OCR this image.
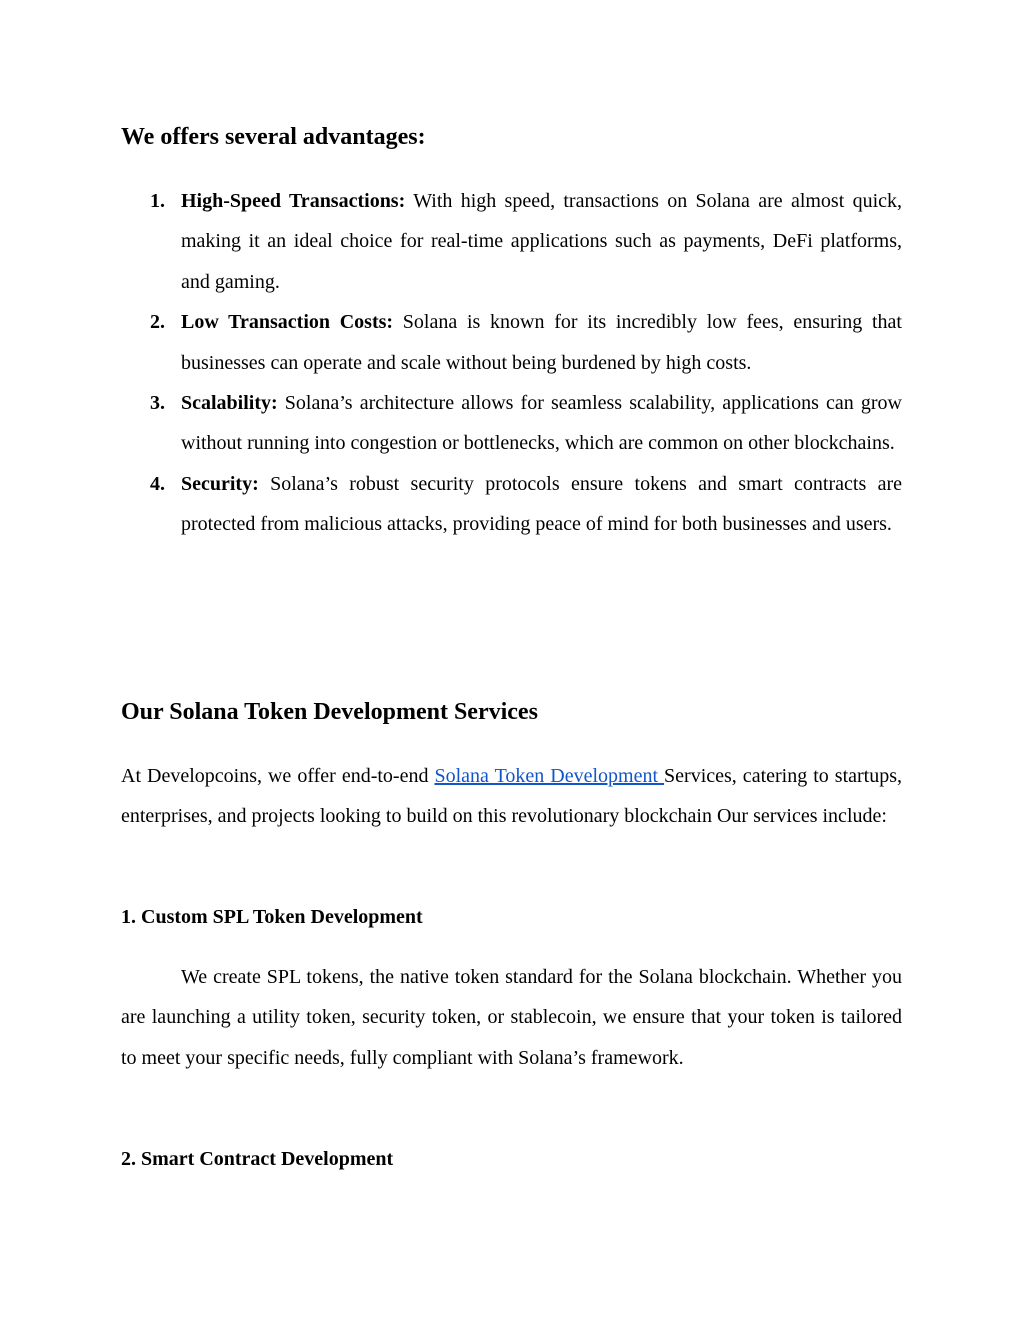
We offers several advantages:
1. High-Speed Transactions: With high speed, transactions on Solana are almost quick, making it an ideal choice for real-time applications such as payments, DeFi platforms, and gaming.
2. Low Transaction Costs: Solana is known for its incredibly low fees, ensuring that businesses can operate and scale without being burdened by high costs.
3. Scalability: Solana’s architecture allows for seamless scalability, applications can grow without running into congestion or bottlenecks, which are common on other blockchains.
4. Security: Solana’s robust security protocols ensure tokens and smart contracts are protected from malicious attacks, providing peace of mind for both businesses and users.
Our Solana Token Development Services

At Developcoins, we offer end-to-end Solana Token Development Services, catering to startups, enterprises, and projects looking to build on this revolutionary blockchain Our services include:

1. Custom SPL Token Development

We create SPL tokens, the native token standard for the Solana blockchain. Whether you are launching a utility token, security token, or stablecoin, we ensure that your token is tailored to meet your specific needs, fully compliant with Solana’s framework.

2. Smart Contract Development
